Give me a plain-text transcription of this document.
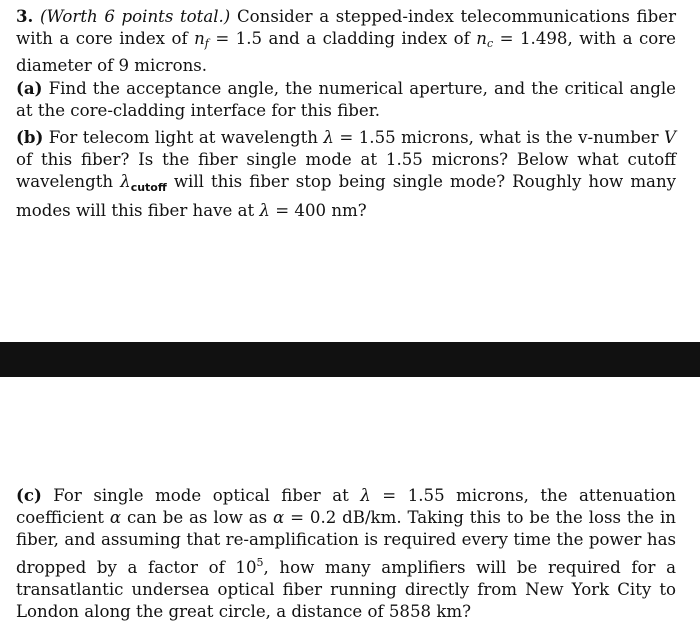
3. (Worth 6 points total.) Consider a stepped-index telecommunications fiber with a core index of nf = 1.5 and a cladding index of nc = 1.498, with a core diameter of 9 microns.
(a) Find the acceptance angle, the numerical aperture, and the critical angle at the core-cladding interface for this fiber.
(b) For telecom light at wavelength λ = 1.55 microns, what is the v-number V of this fiber? Is the fiber single mode at 1.55 microns? Below what cutoff wavelength $\lambda_{cutoff}$ will this fiber stop being single mode? Roughly how many modes will this fiber have at λ = 400 nm?
(c) For single mode optical fiber at λ = 1.55 microns, the attenuation coefficient α can be as low as α = 0.2 dB/km. Taking this to be the loss the in fiber, and assuming that re-amplification is required every time the power has dropped by a factor of $10^5$, how many amplifiers will be required for a transatlantic undersea optical fiber running directly from New York City to London along the great circle, a distance of 5858 km?
